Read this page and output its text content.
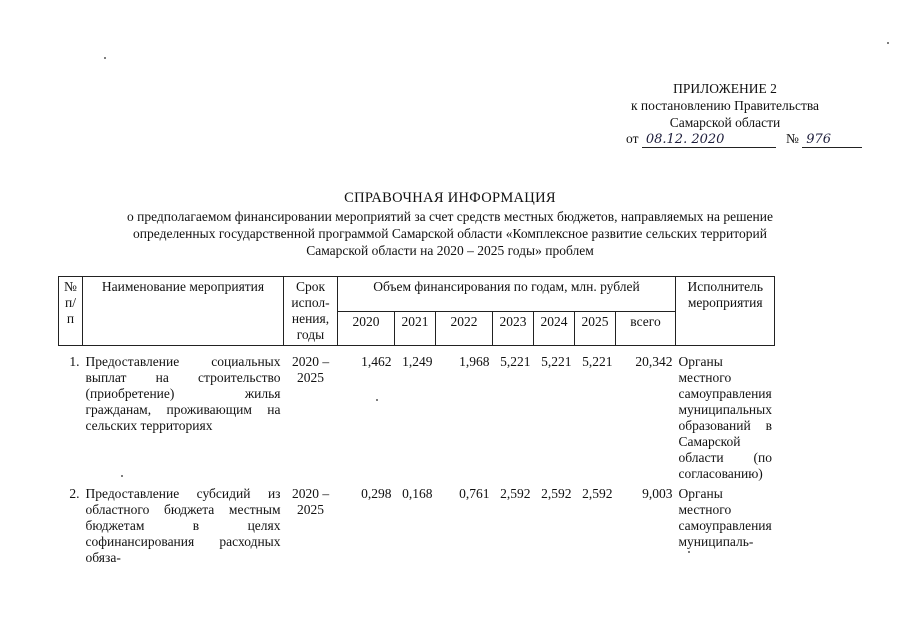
ПРИЛОЖЕНИЕ 2
к постановлению Правительства
Самарской области
от 08.12. 2020	№ 976
СПРАВОЧНАЯ ИНФОРМАЦИЯ
о предполагаемом финансировании мероприятий за счет средств местных бюджетов, направляемых на решение
определенных государственной программой Самарской области «Комплексное развитие сельских территорий
Самарской области на 2020 – 2025 годы» проблем
№ п/п	Наименование мероприятия	Срок испол-нения, годы	Объем финансирования по годам, млн. рублей							Исполнитель мероприятия
			2020	2021	2022	2023	2024	2025	всего	

1.	Предоставление социальных выплат на строительство (приобретение) жилья гражданам, проживающим на сельских территориях	2020 – 2025	1,462	1,249	1,968	5,221	5,221	5,221	20,342	Органы местного самоуправления муниципальных образований в Самарской области (по согласованию)
2.	Предоставление субсидий из областного бюджета местным бюджетам в целях софинансирования расходных обяза-	2020 – 2025	0,298	0,168	0,761	2,592	2,592	2,592	9,003	Органы местного самоуправления муниципаль-
